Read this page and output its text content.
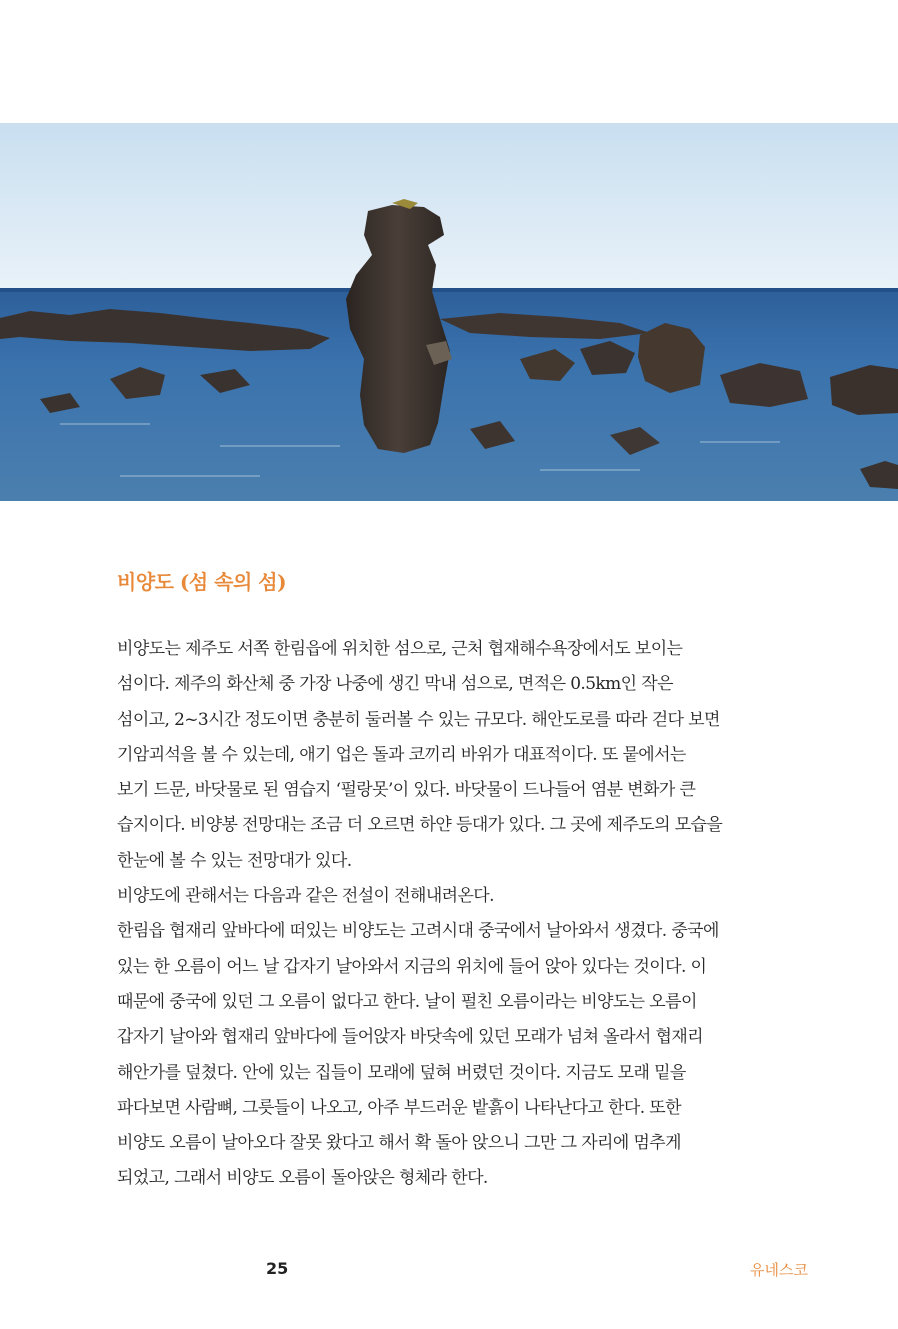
비양도 (섬 속의 섬)
비양도는 제주도 서쪽 한림읍에 위치한 섬으로, 근처 협재해수욕장에서도 보이는
섬이다. 제주의 화산체 중 가장 나중에 생긴 막내 섬으로, 면적은 0.5km인 작은
섬이고, 2~3시간 정도이면 충분히 둘러볼 수 있는 규모다. 해안도로를 따라 걷다 보면
기암괴석을 볼 수 있는데, 애기 업은 돌과 코끼리 바위가 대표적이다. 또 뭍에서는
보기 드문, 바닷물로 된 염습지 ‘펄랑못’이 있다. 바닷물이 드나들어 염분 변화가 큰
습지이다. 비양봉 전망대는 조금 더 오르면 하얀 등대가 있다. 그 곳에 제주도의 모습을
한눈에 볼 수 있는 전망대가 있다.
비양도에 관해서는 다음과 같은 전설이 전해내려온다.
한림읍 협재리 앞바다에 떠있는 비양도는 고려시대 중국에서 날아와서 생겼다. 중국에
있는 한 오름이 어느 날 갑자기 날아와서 지금의 위치에 들어 앉아 있다는 것이다. 이
때문에 중국에 있던 그 오름이 없다고 한다. 날이 펄친 오름이라는 비양도는 오름이
갑자기 날아와 협재리 앞바다에 들어앉자 바닷속에 있던 모래가 넘쳐 올라서 협재리
해안가를 덮쳤다. 안에 있는 집들이 모래에 덮혀 버렸던 것이다. 지금도 모래 밑을
파다보면 사람뼈, 그릇들이 나오고, 아주 부드러운 밭흙이 나타난다고 한다. 또한
비양도 오름이 날아오다 잘못 왔다고 해서 확 돌아 앉으니 그만 그 자리에 멈추게
되었고, 그래서 비양도 오름이 돌아앉은 형체라 한다.
25	유네스코
